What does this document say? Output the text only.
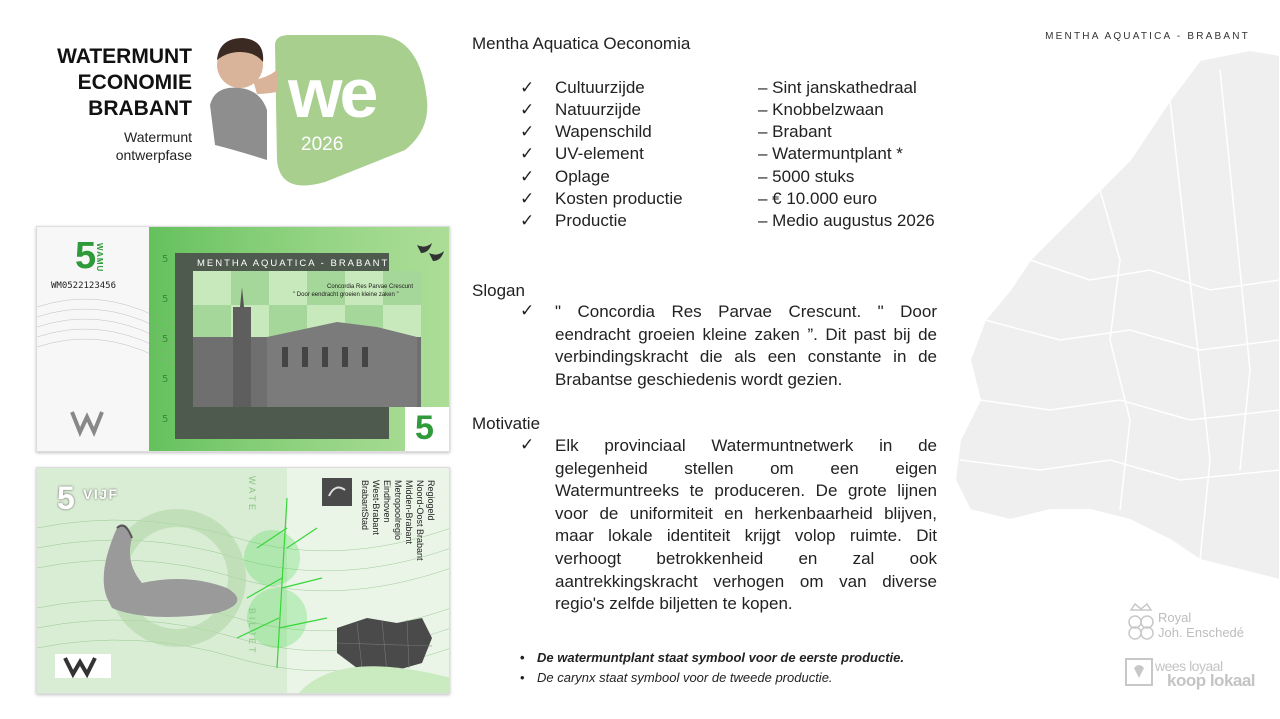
MENTHA AQUATICA - BRABANT
WATERMUNT
ECONOMIE
BRABANT
Watermunt
ontwerpfase
we
2026
5
5
5
5
5
5
WAMU
WM0522123456
MENTHA AQUATICA - BRABANT
Concordia Res Parvae Crescunt
" Door eendracht groeien kleine zaken "
5
5 VIJF	WATE
BILJET
Regiogeld
Noord-Oost Brabant
Midden-Brabant
Metropoolregio Eindhoven
West-Brabant
BrabantStad
Mentha Aquatica Oeconomia
✓ Cultuurzijde	– Sint janskathedraal
✓ Natuurzijde	– Knobbelzwaan
✓ Wapenschild	– Brabant
✓ UV-element	– Watermuntplant *
✓ Oplage	– 5000 stuks
✓ Kosten productie	– € 10.000 euro
✓ Productie	– Medio augustus 2026
Slogan
✓ " Concordia Res Parvae Crescunt. " Door eendracht groeien kleine zaken ”. Dit past bij de verbindingskracht die als een constante in de Brabantse geschiedenis wordt gezien.
Motivatie
✓ Elk provinciaal Watermuntnetwerk in de gelegenheid stellen om een eigen Watermuntreeks te produceren. De grote lijnen voor de uniformiteit en herkenbaarheid blijven, maar lokale identiteit krijgt volop ruimte. Dit verhoogt betrokkenheid en zal ook aantrekkingskracht verhogen om van diverse regio's zelfde biljetten te kopen.
• De watermuntplant staat symbool voor de eerste productie.
• De carynx staat symbool voor de tweede productie.
Royal
Joh. Enschedé
wees loyaal
koop lokaal
